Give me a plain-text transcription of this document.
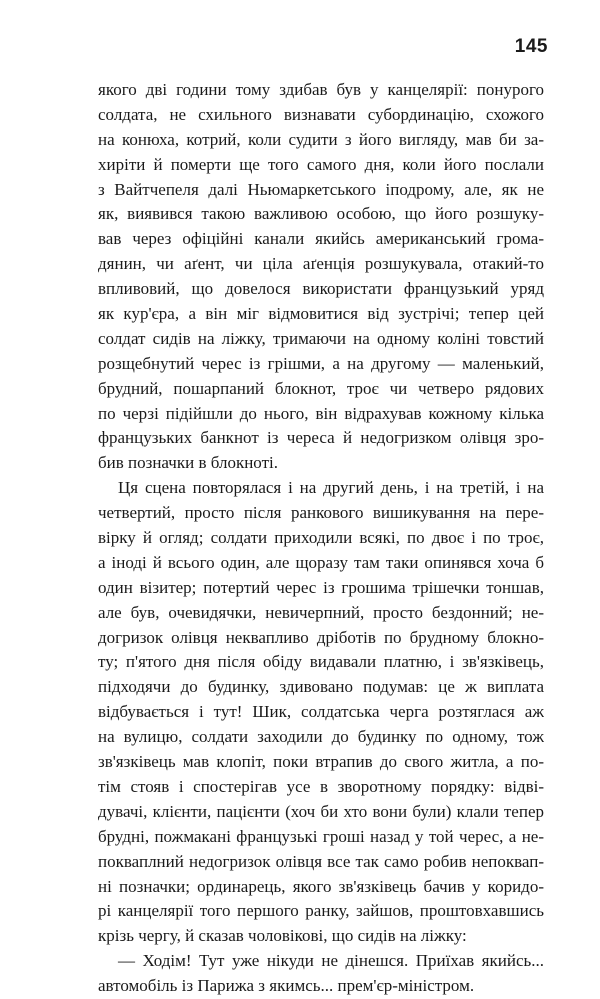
145
якого дві години тому здибав був у канцелярії: понурого
солдата, не схильного визнавати субординацію, схожого
на конюха, котрий, коли судити з його вигляду, мав би за-
хиріти й померти ще того самого дня, коли його послали
з Вайтчепеля далі Ньюмаркетського іподрому, але, як не
як, виявився такою важливою особою, що його розшуку-
вав через офіційні канали якийсь американський грома-
дянин, чи аґент, чи ціла аґенція розшукувала, отакий-то
впливовий, що довелося використати французький уряд
як кур'єра, а він міг відмовитися від зустрічі; тепер цей
солдат сидів на ліжку, тримаючи на одному коліні товстий
розщебнутий черес із грішми, а на другому — маленький,
брудний, пошарпаний блокнот, троє чи четверо рядових
по черзі підійшли до нього, він відрахував кожному кілька
французьких банкнот із череса й недогризком олівця зро-
бив позначки в блокноті.
Ця сцена повторялася і на другий день, і на третій, і на
четвертий, просто після ранкового вишикування на пере-
вірку й огляд; солдати приходили всякі, по двоє і по троє,
а іноді й всього один, але щоразу там таки опинявся хоча б
один візитер; потертий черес із грошима трішечки тоншав,
але був, очевидячки, невичерпний, просто бездонний; не-
догризок олівця неквапливо дріботів по брудному блокно-
ту; п'ятого дня після обіду видавали платню, і зв'язківець,
підходячи до будинку, здивовано подумав: це ж виплата
відбувається і тут! Шик, солдатська черга розтяглася аж
на вулицю, солдати заходили до будинку по одному, тож
зв'язківець мав клопіт, поки втрапив до свого житла, а по-
тім стояв і спостерігав усе в зворотному порядку: відві-
дувачі, клієнти, пацієнти (хоч би хто вони були) клали тепер
брудні, пожмакані французькі гроші назад у той черес, а не-
покваплний недогризок олівця все так само робив непоквап-
ні позначки; ординарець, якого зв'язківець бачив у коридо-
рі канцелярії того першого ранку, зайшов, проштовхавшись
крізь чергу, й сказав чоловікові, що сидів на ліжку:
— Ходім! Тут уже нікуди не дінешся. Приїхав якийсь...
автомобіль із Парижа з якимсь... прем'єр-міністром.
